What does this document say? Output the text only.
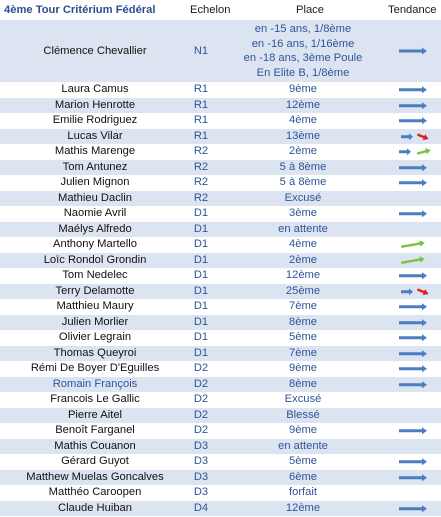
4ème Tour Critérium Fédéral	Echelon	Place	Tendance
Clémence Chevallier	N1
en -15 ans, 1/8ème
en -16 ans, 1/16ème
en -18 ans, 3ème Poule
En Elite B, 1/8ème
Laura Camus	R1	9ème
Marion Henrotte	R1	12ème
Emilie Rodriguez	R1	4ème
Lucas Vilar	R1	13ème
Mathis Marenge	R2	2ème
Tom Antunez	R2	5 à 8ème
Julien Mignon	R2	5 à 8ème
Mathieu Daclin	R2	Excusé
Naomie Avril	D1	3ème
Maélys Alfredo	D1	en attente
Anthony Martello	D1	4ème
Loïc Rondol Grondin	D1	2ème
Tom Nedelec	D1	12ème
Terry Delamotte	D1	25ème
Matthieu Maury	D1	7ème
Julien Morlier	D1	8ème
Olivier Legrain	D1	5ème
Thomas Queyroi	D1	7ème
Rémi De Boyer D'Eguilles	D2	9ème
Romain François	D2	8ème
Francois Le Gallic	D2	Excusé
Pierre Aitel	D2	Blessé
Benoît Farganel	D2	9ème
Mathis Couanon	D3	en attente
Gérard Guyot	D3	5ème
Matthew Muelas Goncalves	D3	6ème
Matthéo Caroopen	D3	forfait
Claude Huiban	D4	12ème
